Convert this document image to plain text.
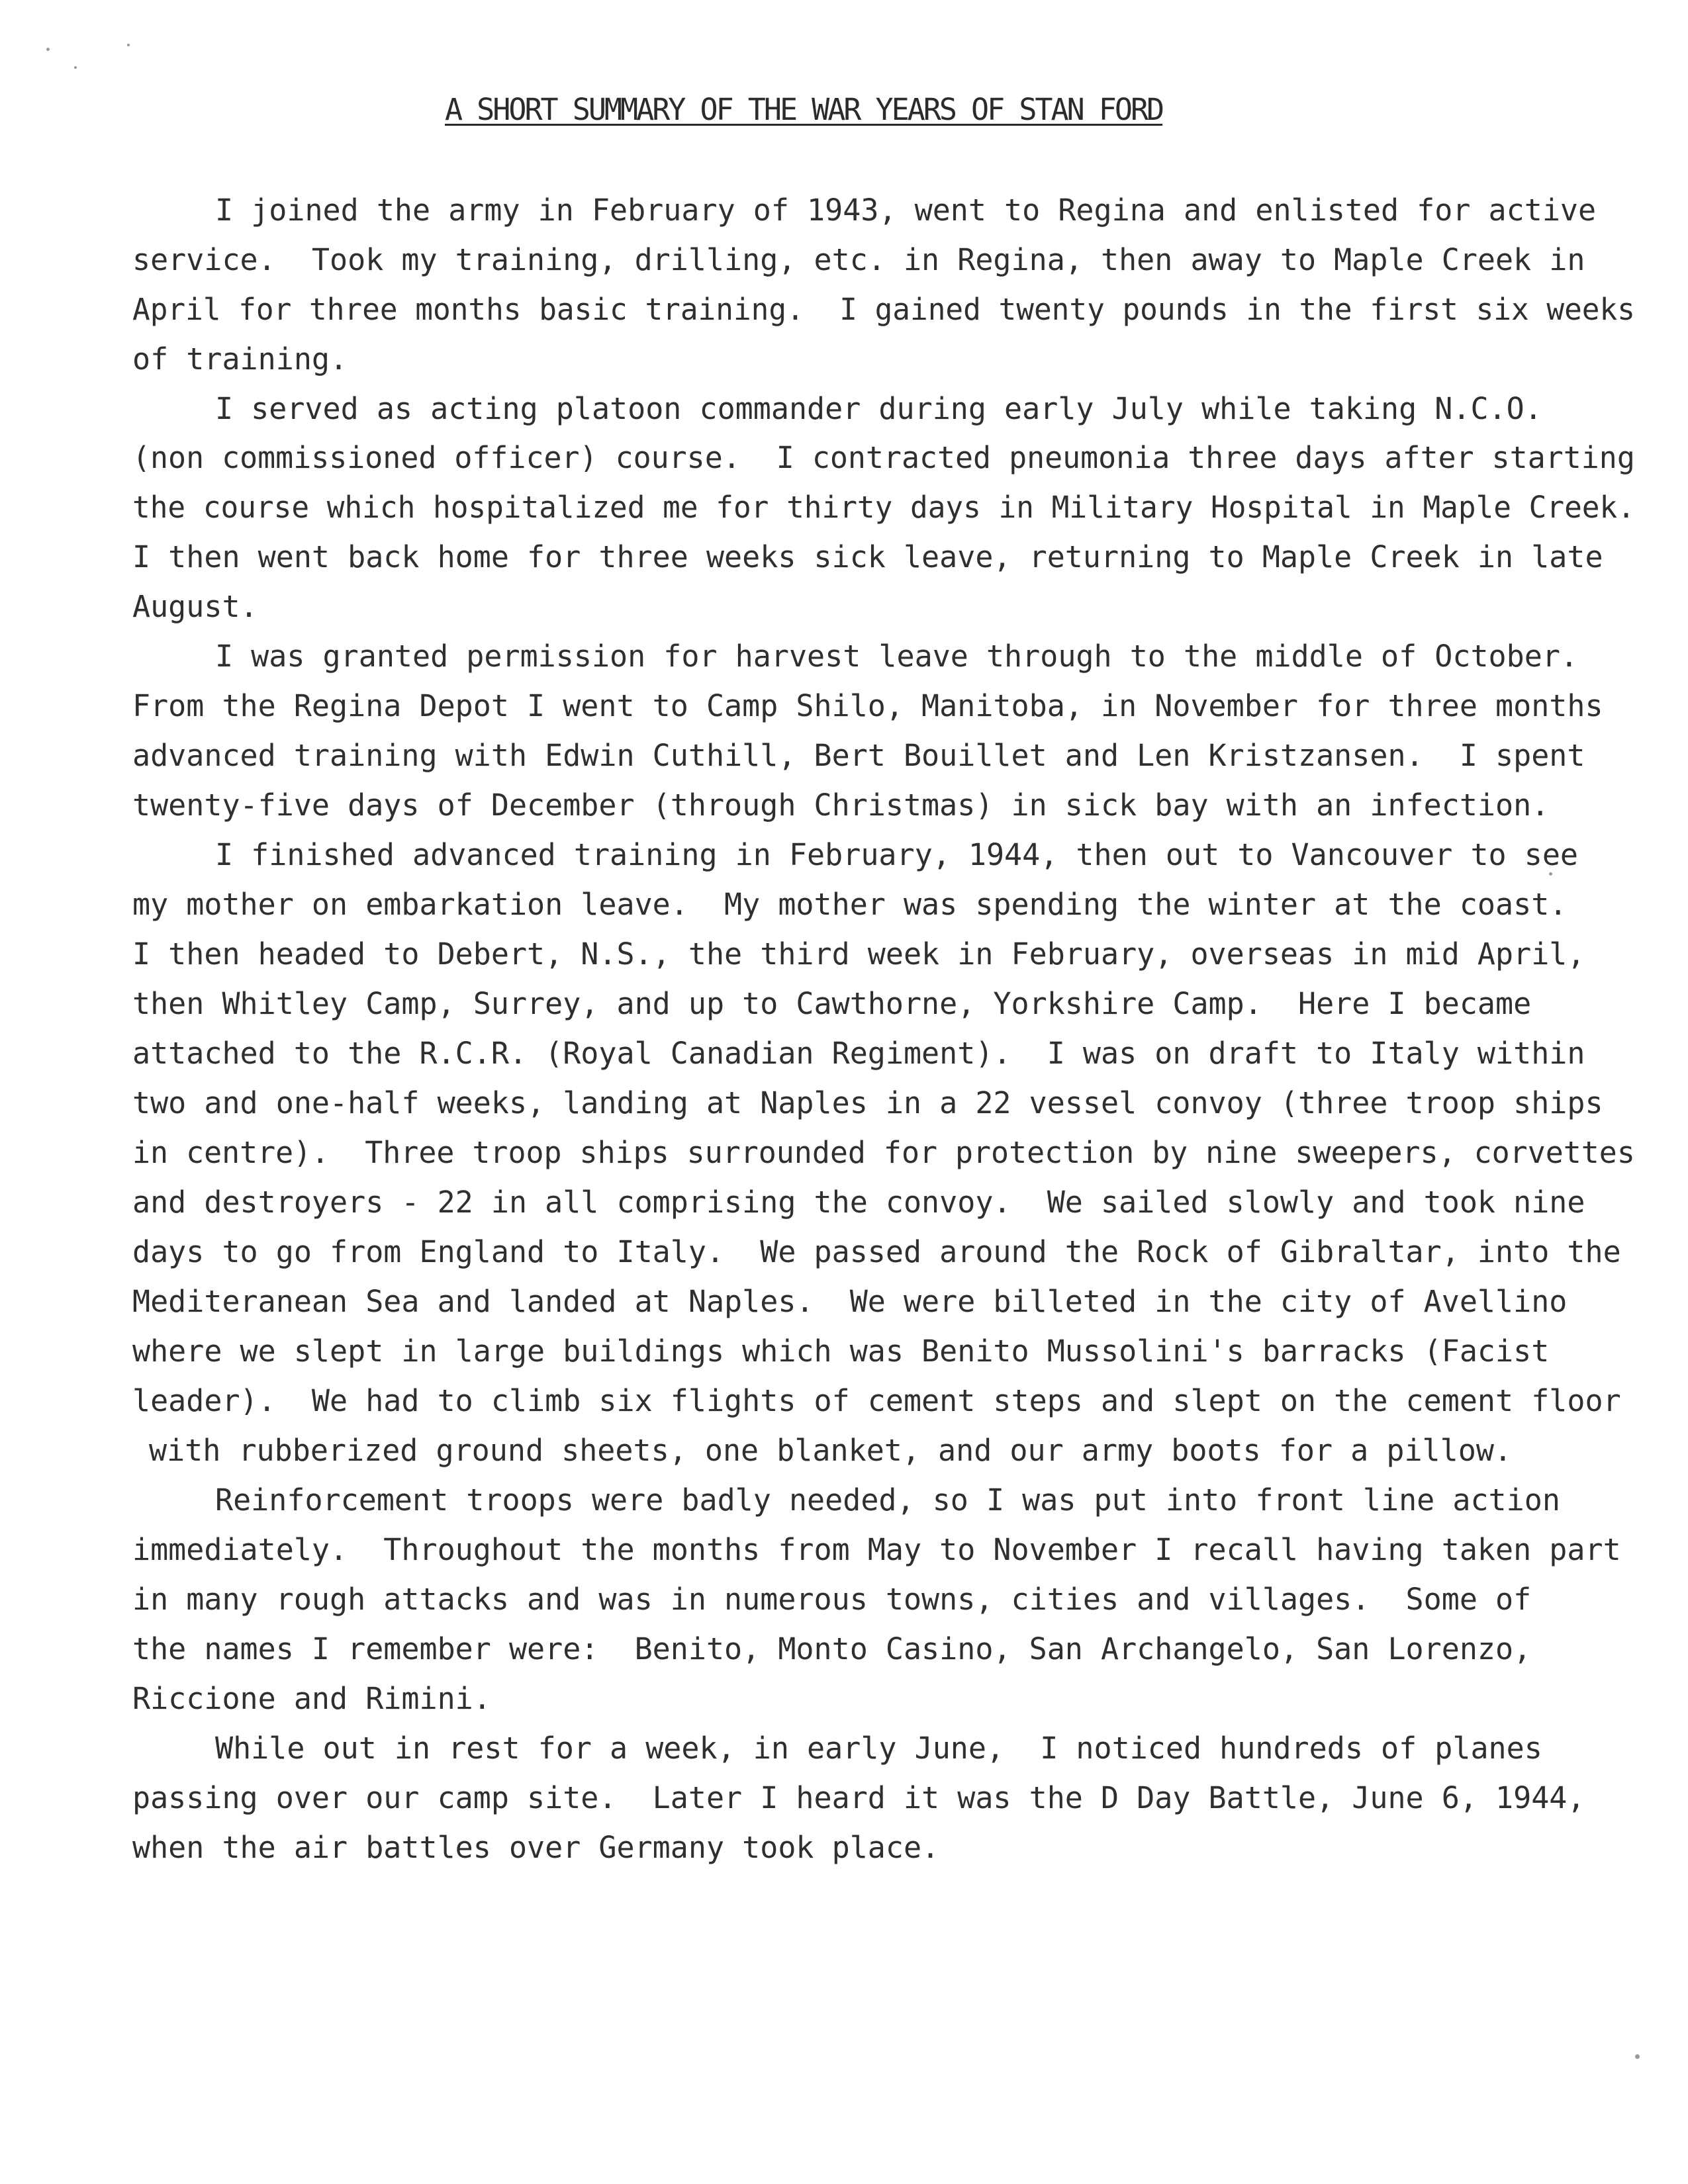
A SHORT SUMMARY OF THE WAR YEARS OF STAN FORD

I joined the army in February of 1943, went to Regina and enlisted for active

service.  Took my training, drilling, etc. in Regina, then away to Maple Creek in

April for three months basic training.  I gained twenty pounds in the first six weeks

of training.

I served as acting platoon commander during early July while taking N.C.O.

(non commissioned officer) course.  I contracted pneumonia three days after starting

the course which hospitalized me for thirty days in Military Hospital in Maple Creek.

I then went back home for three weeks sick leave, returning to Maple Creek in late

August.

I was granted permission for harvest leave through to the middle of October.

From the Regina Depot I went to Camp Shilo, Manitoba, in November for three months

advanced training with Edwin Cuthill, Bert Bouillet and Len Kristzansen.  I spent

twenty-five days of December (through Christmas) in sick bay with an infection.

I finished advanced training in February, 1944, then out to Vancouver to see

my mother on embarkation leave.  My mother was spending the winter at the coast.

I then headed to Debert, N.S., the third week in February, overseas in mid April,

then Whitley Camp, Surrey, and up to Cawthorne, Yorkshire Camp.  Here I became

attached to the R.C.R. (Royal Canadian Regiment).  I was on draft to Italy within

two and one-half weeks, landing at Naples in a 22 vessel convoy (three troop ships

in centre).  Three troop ships surrounded for protection by nine sweepers, corvettes

and destroyers - 22 in all comprising the convoy.  We sailed slowly and took nine

days to go from England to Italy.  We passed around the Rock of Gibraltar, into the

Mediteranean Sea and landed at Naples.  We were billeted in the city of Avellino

where we slept in large buildings which was Benito Mussolini's barracks (Facist

leader).  We had to climb six flights of cement steps and slept on the cement floor

with rubberized ground sheets, one blanket, and our army boots for a pillow.

Reinforcement troops were badly needed, so I was put into front line action

immediately.  Throughout the months from May to November I recall having taken part

in many rough attacks and was in numerous towns, cities and villages.  Some of

the names I remember were:  Benito, Monto Casino, San Archangelo, San Lorenzo,

Riccione and Rimini.

While out in rest for a week, in early June,  I noticed hundreds of planes

passing over our camp site.  Later I heard it was the D Day Battle, June 6, 1944,

when the air battles over Germany took place.
